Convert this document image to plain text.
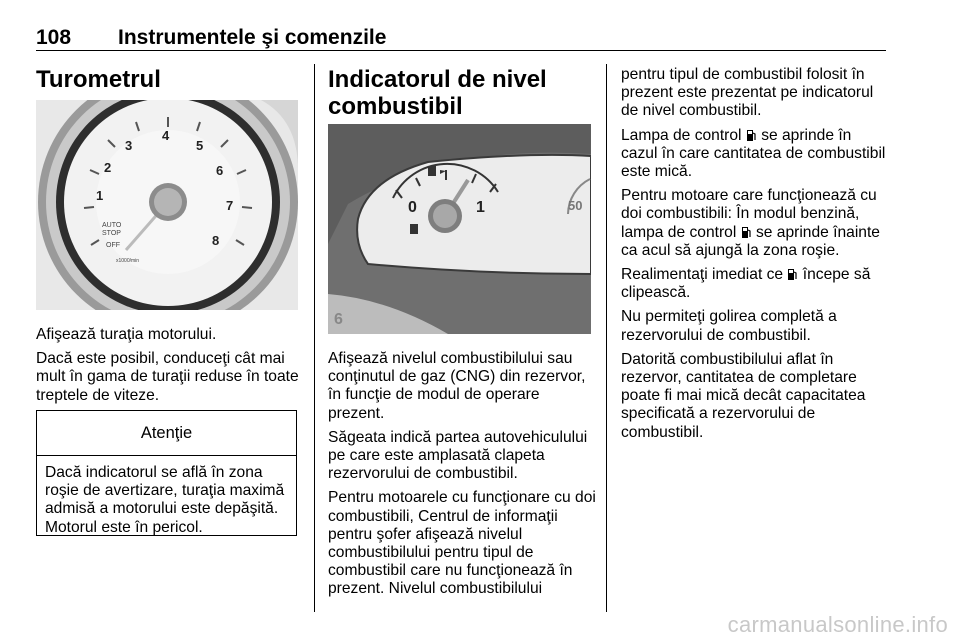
108 Instrumentele şi comenzile
Turometrul
1
2
3
4
5
6
7
8
AUTO
STOP
OFF
x1000/min

Afişează turaţia motorului.

Dacă este posibil, conduceţi cât mai mult în gama de turaţii reduse în toate treptele de viteze.

Atenţie
Dacă indicatorul se află în zona roşie de avertizare, turaţia maximă admisă a motorului este depăşită. Motorul este în pericol.
Indicatorul de nivel
combustibil
0	1	50
6

Afişează nivelul combustibilului sau conţinutul de gaz (CNG) din rezervor, în funcţie de modul de operare prezent.

Săgeata indică partea autovehiculului pe care este amplasată clapeta rezervorului de combustibil.

Pentru motoarele cu funcţionare cu doi combustibili, Centrul de informaţii pentru şofer afişează nivelul combustibilului pentru tipul de combustibil care nu funcţionează în prezent. Nivelul combustibilului

pentru tipul de combustibil folosit în prezent este prezentat pe indicatorul de nivel combustibil.

Lampa de control se aprinde în cazul în care cantitatea de combustibil este mică.

Pentru motoare care funcţionează cu doi combustibili: În modul benzină, lampa de control se aprinde înainte ca acul să ajungă la zona roşie.

Realimentaţi imediat ce începe să clipească.

Nu permiteţi golirea completă a rezervorului de combustibil.

Datorită combustibilului aflat în rezervor, cantitatea de completare poate fi mai mică decât capacitatea specificată a rezervorului de combustibil.

carmanualsonline.info
